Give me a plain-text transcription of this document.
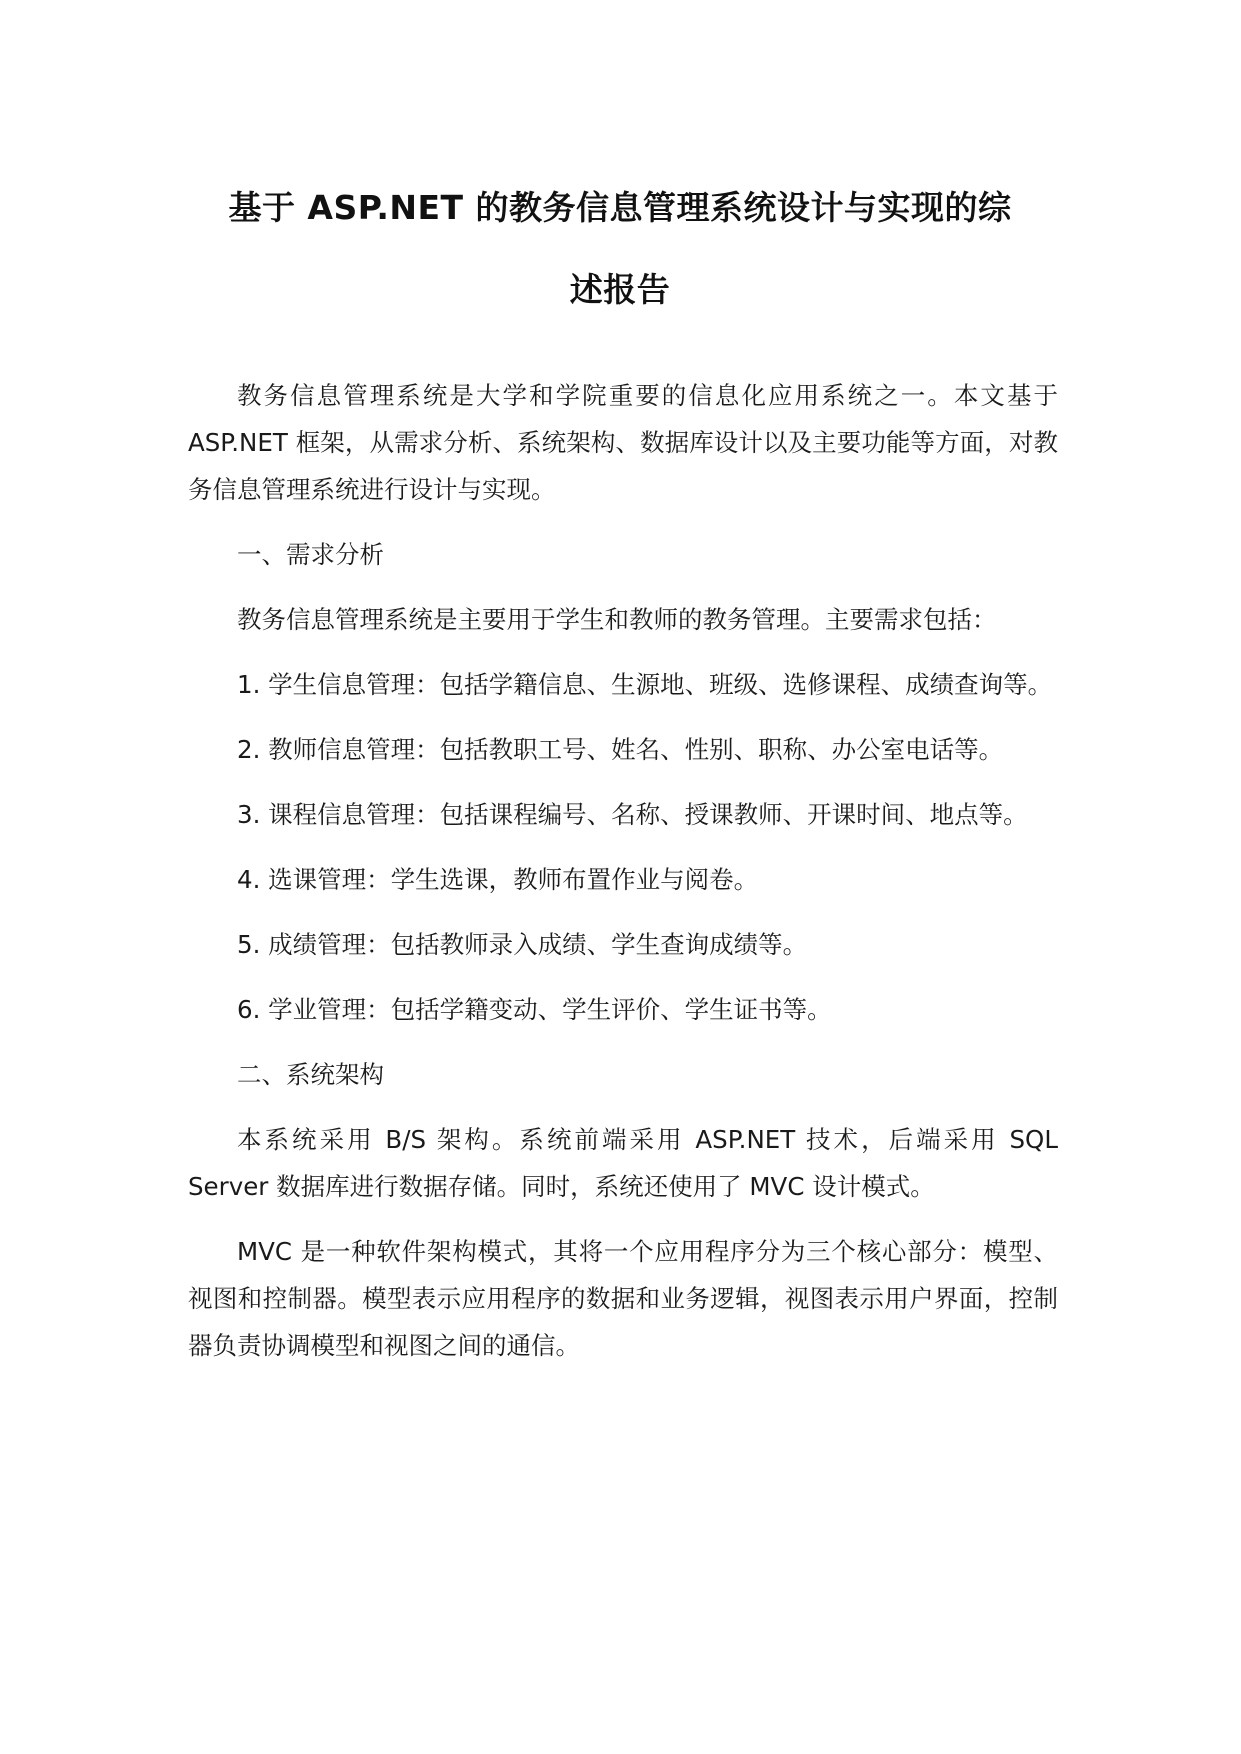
基于 ASP.NET 的教务信息管理系统设计与实现的综
述报告

教务信息管理系统是大学和学院重要的信息化应用系统之一。本文基于 ASP.NET 框架，从需求分析、系统架构、数据库设计以及主要功能等方面，对教务信息管理系统进行设计与实现。

一、需求分析

教务信息管理系统是主要用于学生和教师的教务管理。主要需求包括：

1. 学生信息管理：包括学籍信息、生源地、班级、选修课程、成绩查询等。

2. 教师信息管理：包括教职工号、姓名、性别、职称、办公室电话等。

3. 课程信息管理：包括课程编号、名称、授课教师、开课时间、地点等。

4. 选课管理：学生选课，教师布置作业与阅卷。

5. 成绩管理：包括教师录入成绩、学生查询成绩等。

6. 学业管理：包括学籍变动、学生评价、学生证书等。

二、系统架构

本系统采用 B/S 架构。系统前端采用 ASP.NET 技术，后端采用 SQL Server 数据库进行数据存储。同时，系统还使用了 MVC 设计模式。

MVC 是一种软件架构模式，其将一个应用程序分为三个核心部分：模型、视图和控制器。模型表示应用程序的数据和业务逻辑，视图表示用户界面，控制器负责协调模型和视图之间的通信。
